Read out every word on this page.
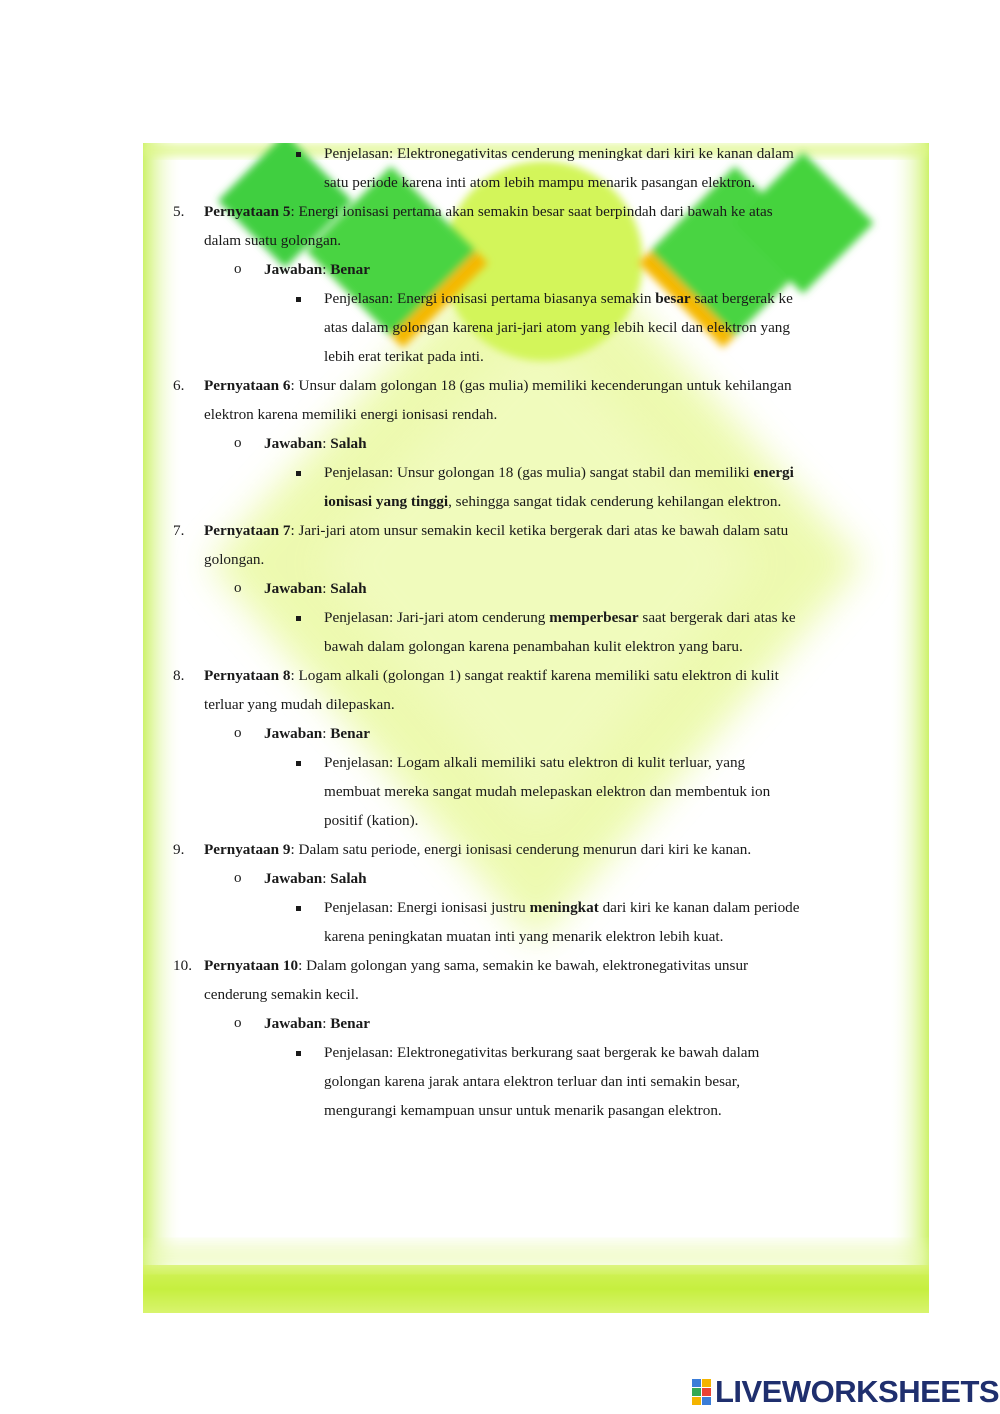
Penjelasan: Elektronegativitas cenderung meningkat dari kiri ke kanan dalam
satu periode karena inti atom lebih mampu menarik pasangan elektron.
5. Pernyataan 5: Energi ionisasi pertama akan semakin besar saat berpindah dari bawah ke atas
dalam suatu golongan.
o Jawaban: Benar
Penjelasan: Energi ionisasi pertama biasanya semakin besar saat bergerak ke
atas dalam golongan karena jari-jari atom yang lebih kecil dan elektron yang
lebih erat terikat pada inti.
6. Pernyataan 6: Unsur dalam golongan 18 (gas mulia) memiliki kecenderungan untuk kehilangan
elektron karena memiliki energi ionisasi rendah.
o Jawaban: Salah
Penjelasan: Unsur golongan 18 (gas mulia) sangat stabil dan memiliki energi
ionisasi yang tinggi, sehingga sangat tidak cenderung kehilangan elektron.
7. Pernyataan 7: Jari-jari atom unsur semakin kecil ketika bergerak dari atas ke bawah dalam satu
golongan.
o Jawaban: Salah
Penjelasan: Jari-jari atom cenderung memperbesar saat bergerak dari atas ke
bawah dalam golongan karena penambahan kulit elektron yang baru.
8. Pernyataan 8: Logam alkali (golongan 1) sangat reaktif karena memiliki satu elektron di kulit
terluar yang mudah dilepaskan.
o Jawaban: Benar
Penjelasan: Logam alkali memiliki satu elektron di kulit terluar, yang
membuat mereka sangat mudah melepaskan elektron dan membentuk ion
positif (kation).
9. Pernyataan 9: Dalam satu periode, energi ionisasi cenderung menurun dari kiri ke kanan.
o Jawaban: Salah
Penjelasan: Energi ionisasi justru meningkat dari kiri ke kanan dalam periode
karena peningkatan muatan inti yang menarik elektron lebih kuat.
10. Pernyataan 10: Dalam golongan yang sama, semakin ke bawah, elektronegativitas unsur
cenderung semakin kecil.
o Jawaban: Benar
Penjelasan: Elektronegativitas berkurang saat bergerak ke bawah dalam
golongan karena jarak antara elektron terluar dan inti semakin besar,
mengurangi kemampuan unsur untuk menarik pasangan elektron.
LIVEWORKSHEETS
